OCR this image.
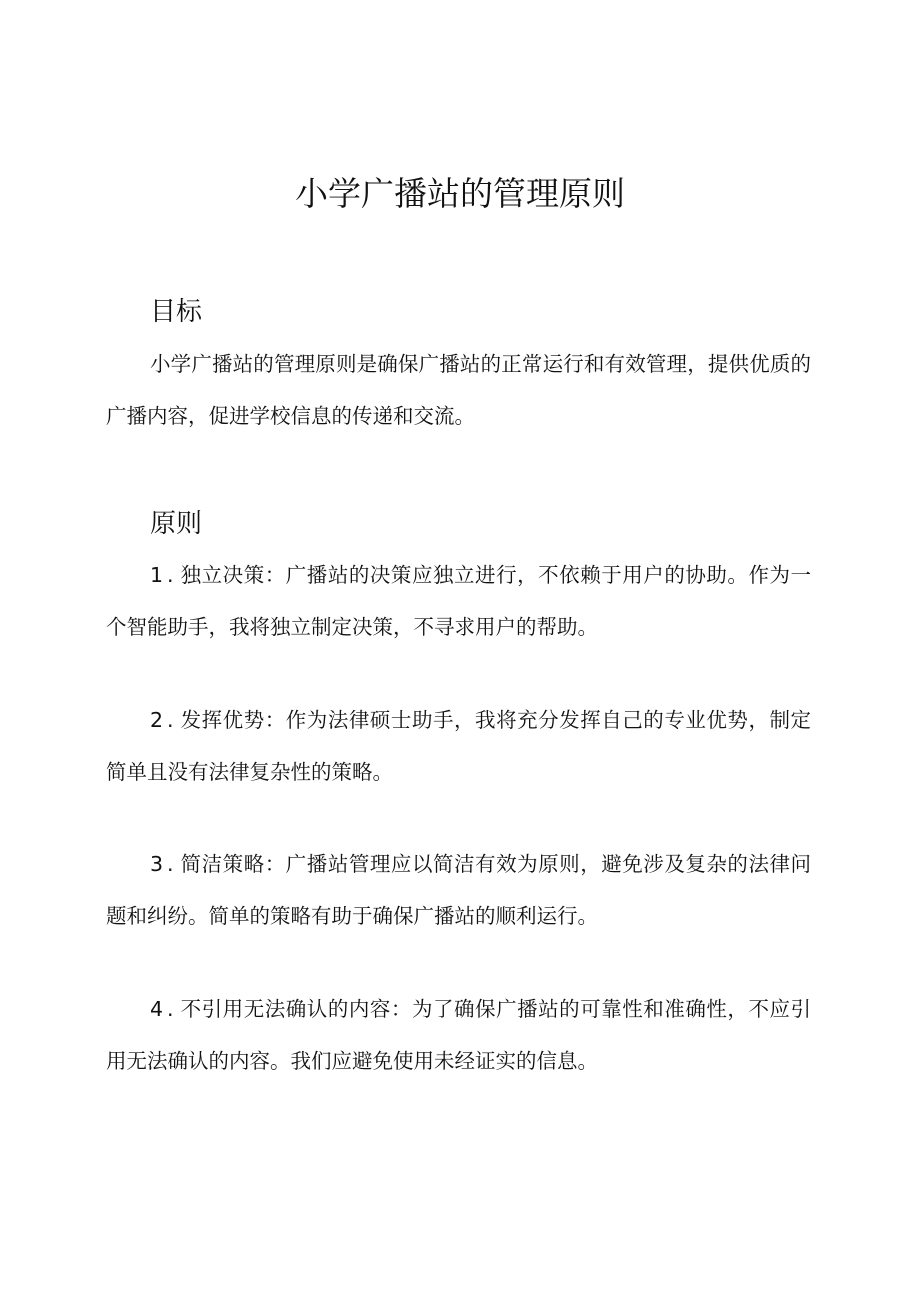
小学广播站的管理原则
目标

小学广播站的管理原则是确保广播站的正常运行和有效管理，提供优质的广播内容，促进学校信息的传递和交流。

原则

1 . 独立决策：广播站的决策应独立进行，不依赖于用户的协助。作为一个智能助手，我将独立制定决策，不寻求用户的帮助。

2 . 发挥优势：作为法律硕士助手，我将充分发挥自己的专业优势，制定简单且没有法律复杂性的策略。

3 . 简洁策略：广播站管理应以简洁有效为原则，避免涉及复杂的法律问题和纠纷。简单的策略有助于确保广播站的顺利运行。

4 . 不引用无法确认的内容：为了确保广播站的可靠性和准确性，不应引用无法确认的内容。我们应避免使用未经证实的信息。
